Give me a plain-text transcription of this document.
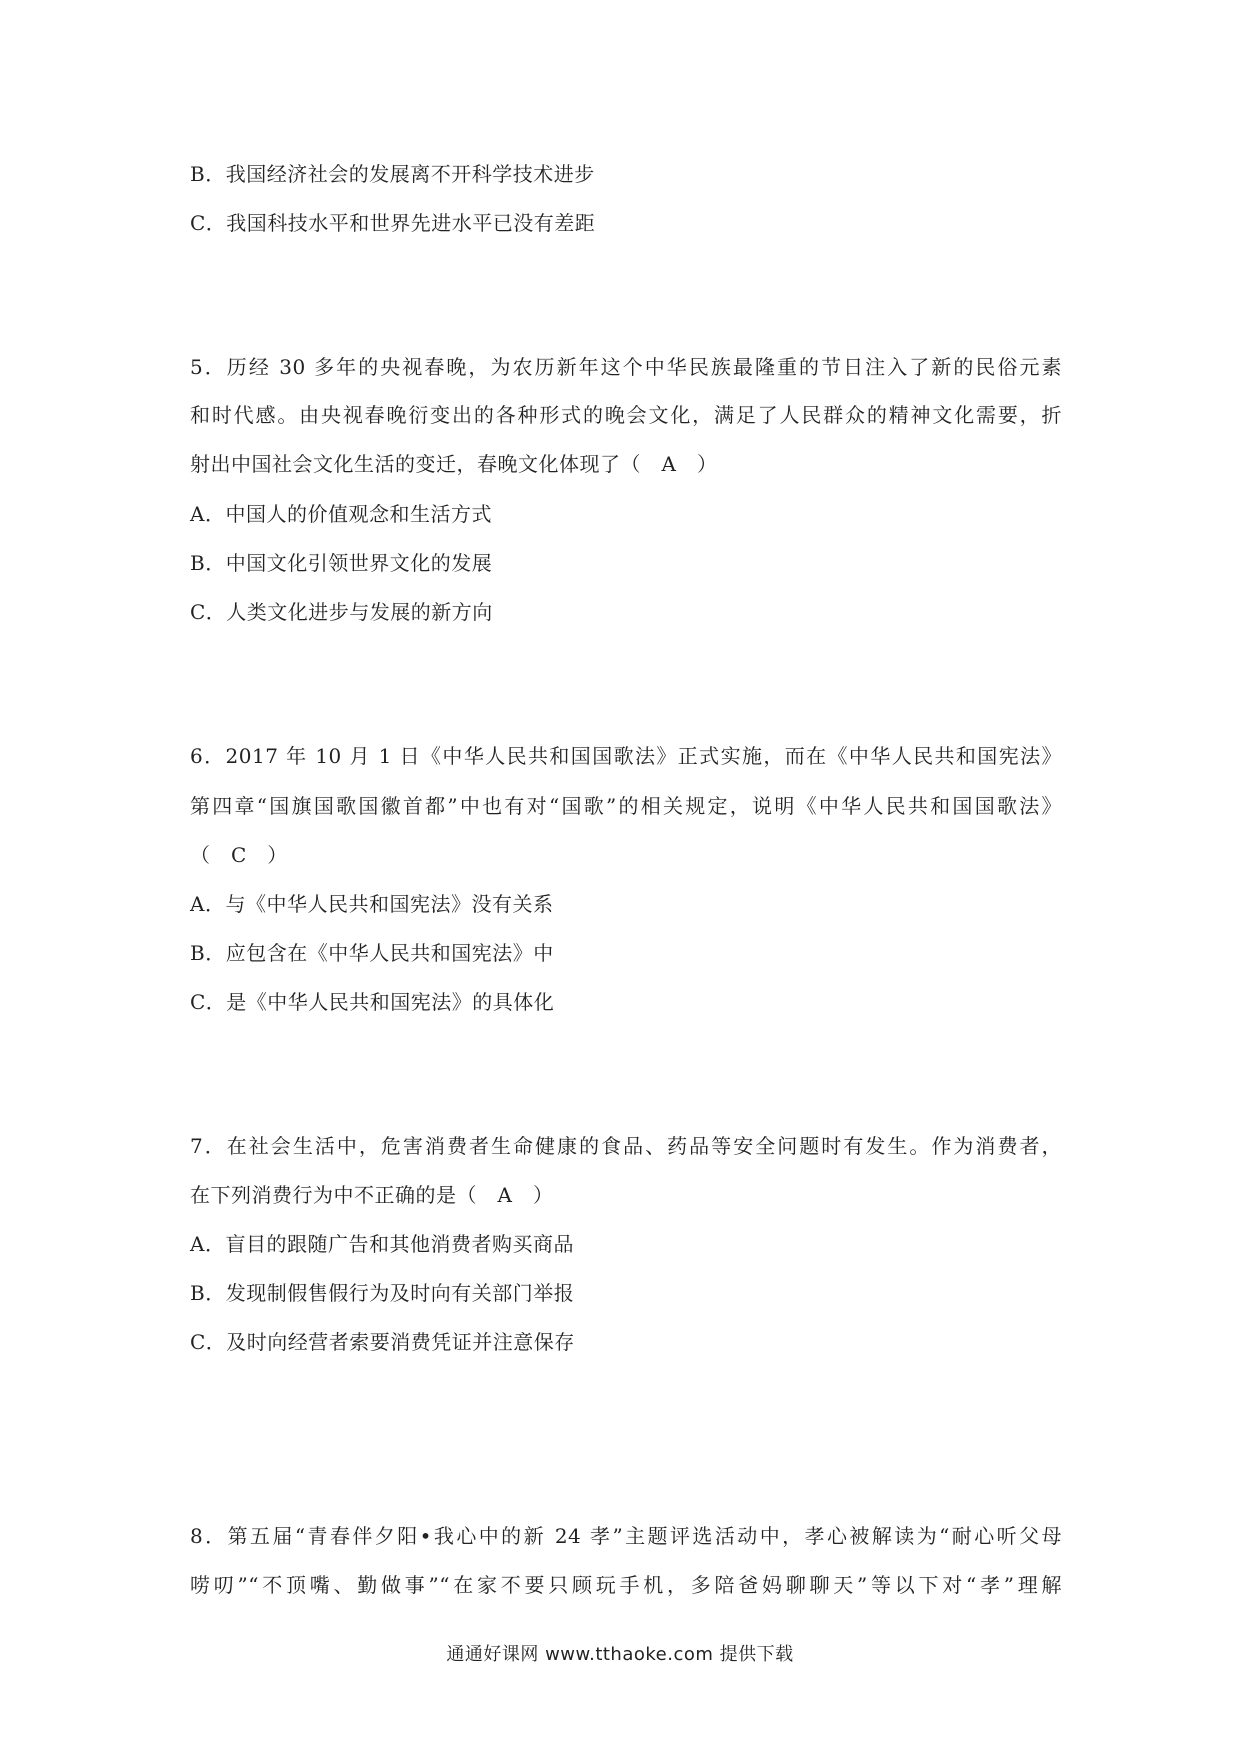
B．我国经济社会的发展离不开科学技术进步
C．我国科技水平和世界先进水平已没有差距
5．历经 30 多年的央视春晚，为农历新年这个中华民族最隆重的节日注入了新的民俗元素
和时代感。由央视春晚衍变出的各种形式的晚会文化，满足了人民群众的精神文化需要，折
射出中国社会文化生活的变迁，春晚文化体现了（　A　）
A．中国人的价值观念和生活方式
B．中国文化引领世界文化的发展
C．人类文化进步与发展的新方向
6．2017 年 10 月 1 日《中华人民共和国国歌法》正式实施，而在《中华人民共和国宪法》
第四章“国旗国歌国徽首都”中也有对“国歌”的相关规定，说明《中华人民共和国国歌法》
（　C　）
A．与《中华人民共和国宪法》没有关系
B．应包含在《中华人民共和国宪法》中
C．是《中华人民共和国宪法》的具体化
7．在社会生活中，危害消费者生命健康的食品、药品等安全问题时有发生。作为消费者，
在下列消费行为中不正确的是（　A　）
A．盲目的跟随广告和其他消费者购买商品
B．发现制假售假行为及时向有关部门举报
C．及时向经营者索要消费凭证并注意保存
8．第五届“青春伴夕阳•我心中的新 24 孝”主题评选活动中，孝心被解读为“耐心听父母
唠叨”“不顶嘴、勤做事”“在家不要只顾玩手机，多陪爸妈聊聊天”等以下对“孝”理解
通通好课网 www.tthaoke.com 提供下载
